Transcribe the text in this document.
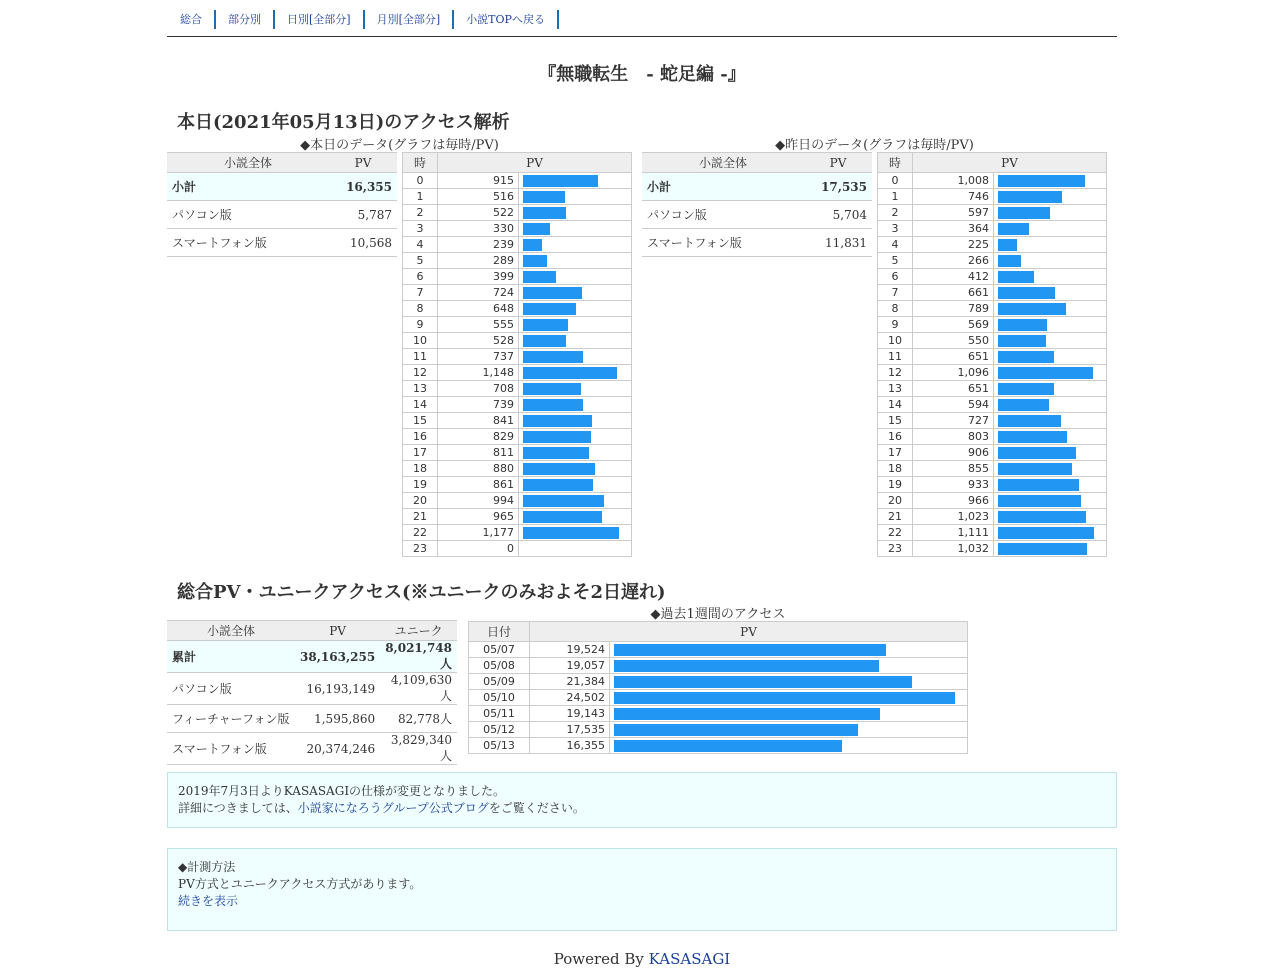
総合	部分別	日別[全部分]	月別[全部分]	小説TOPへ戻る
『無職転生　- 蛇足編 -』
本日(2021年05月13日)のアクセス解析
◆本日のデータ(グラフは毎時/PV)	◆昨日のデータ(グラフは毎時/PV)
小説全体	PV
小計	16,355
パソコン版	5,787
スマートフォン版	10,568
時	PV	
0	915	

1	516	

2	522	

3	330	

4	239	

5	289	

6	399	

7	724	

8	648	

9	555	

10	528	

11	737	

12	1,148	

13	708	

14	739	

15	841	

16	829	

17	811	

18	880	

19	861	

20	994	

21	965	

22	1,177	

23	0	
小説全体	PV
小計	17,535
パソコン版	5,704
スマートフォン版	11,831
時	PV	
0	1,008	

1	746	

2	597	

3	364	

4	225	

5	266	

6	412	

7	661	

8	789	

9	569	

10	550	

11	651	

12	1,096	

13	651	

14	594	

15	727	

16	803	

17	906	

18	855	

19	933	

20	966	

21	1,023	

22	1,111	

23	1,032	
総合PV・ユニークアクセス(※ユニークのみおよそ2日遅れ)
小説全体	PV	ユニーク
累計	38,163,255	8,021,748人
パソコン版	16,193,149	4,109,630人
フィーチャーフォン版	1,595,860	82,778人
スマートフォン版	20,374,246	3,829,340人
◆過去1週間のアクセス
日付	PV	
05/07	19,524	

05/08	19,057	

05/09	21,384	

05/10	24,502	

05/11	19,143	

05/12	17,535	

05/13	16,355	

2019年7月3日よりKASASAGIの仕様が変更となりました。

詳細につきましては、小説家になろうグループ公式ブログをご覧ください。

◆計測方法

PV方式とユニークアクセス方式があります。

続きを表示

Powered By KASASAGI
